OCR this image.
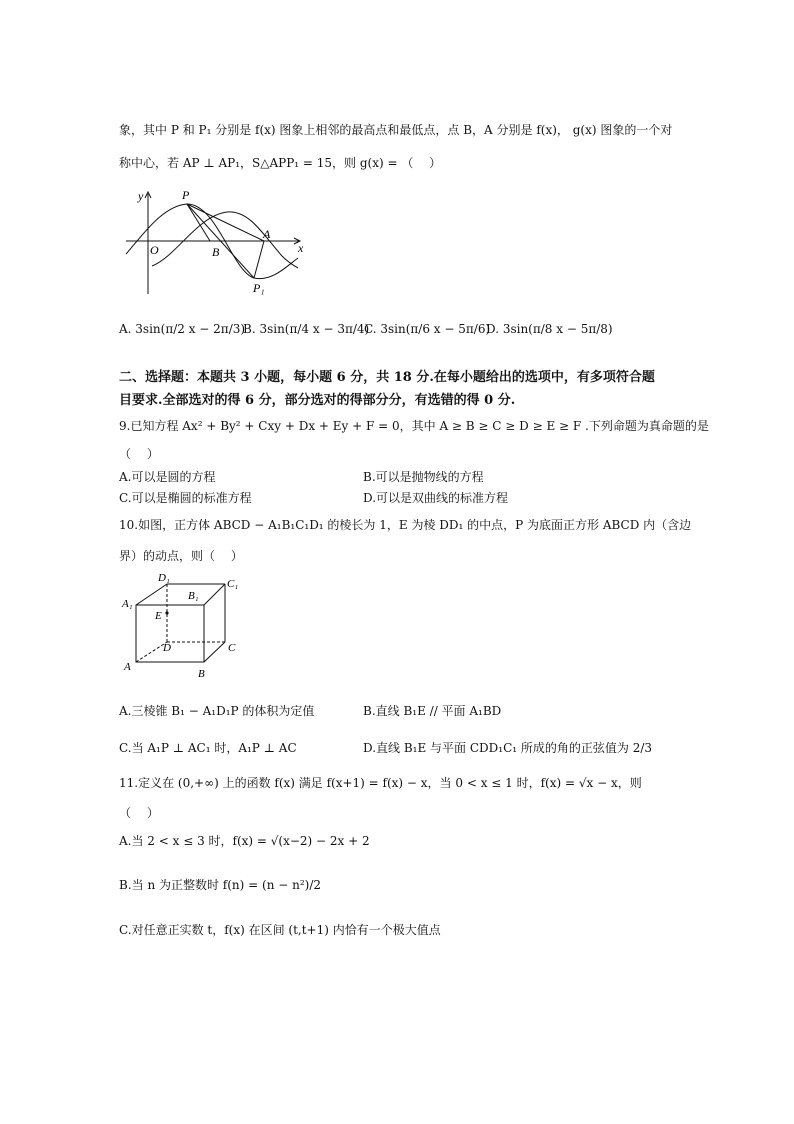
象，其中 P 和 P₁ 分别是 f(x) 图象上相邻的最高点和最低点，点 B，A 分别是 f(x)， g(x) 图象的一个对
称中心，若 AP ⊥ AP₁，S△APP₁ = 15，则 g(x) = （　 ）
y
x
O
P
B
A
P₁
A. 3sin(π/2 x − 2π/3)
B. 3sin(π/4 x − 3π/4)
C. 3sin(π/6 x − 5π/6)
D. 3sin(π/8 x − 5π/8)
二、选择题：本题共 3 小题，每小题 6 分，共 18 分.在每小题给出的选项中，有多项符合题
目要求.全部选对的得 6 分，部分选对的得部分分，有选错的得 0 分.
9.已知方程 Ax² + By² + Cxy + Dx + Ey + F = 0，其中 A ≥ B ≥ C ≥ D ≥ E ≥ F .下列命题为真命题的是
（　 ）
A.可以是圆的方程	B.可以是抛物线的方程
C.可以是椭圆的标准方程	D.可以是双曲线的标准方程
10.如图，正方体 ABCD − A₁B₁C₁D₁ 的棱长为 1，E 为棱 DD₁ 的中点，P 为底面正方形 ABCD 内（含边
界）的动点，则（　 ）
D₁	C₁
A₁
B₁
E
D	C
A
B
A.三棱锥 B₁ − A₁D₁P 的体积为定值	B.直线 B₁E // 平面 A₁BD
C.当 A₁P ⊥ AC₁ 时，A₁P ⊥ AC	D.直线 B₁E 与平面 CDD₁C₁ 所成的角的正弦值为 2/3
11.定义在 (0,+∞) 上的函数 f(x) 满足 f(x+1) = f(x) − x，当 0 < x ≤ 1 时，f(x) = √x − x，则
（　 ）
A.当 2 < x ≤ 3 时，f(x) = √(x−2) − 2x + 2
B.当 n 为正整数时 f(n) = (n − n²)/2
C.对任意正实数 t，f(x) 在区间 (t,t+1) 内恰有一个极大值点
